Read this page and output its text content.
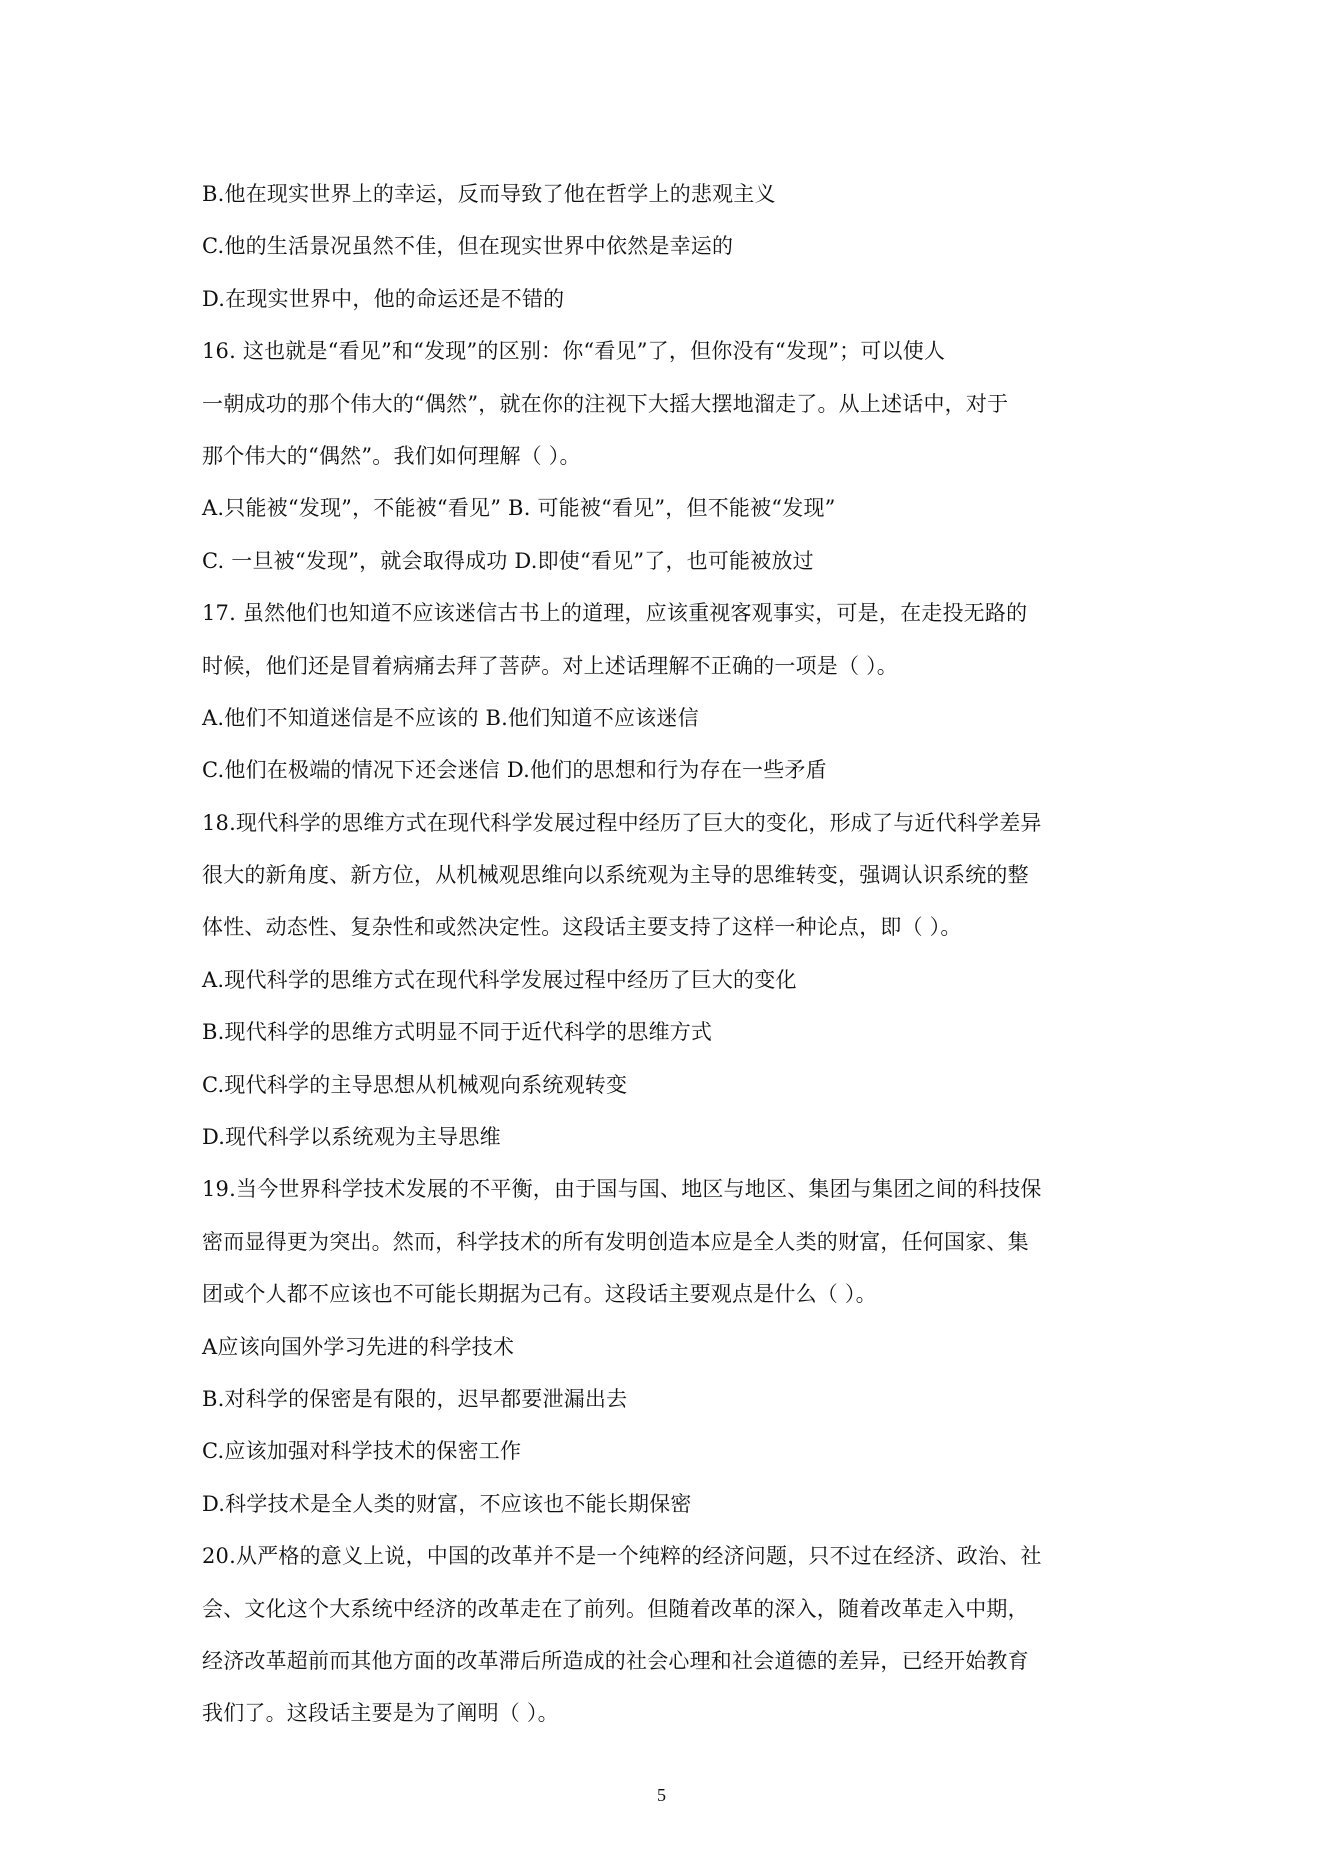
B.他在现实世界上的幸运，反而导致了他在哲学上的悲观主义
C.他的生活景况虽然不佳，但在现实世界中依然是幸运的
D.在现实世界中，他的命运还是不错的
16. 这也就是“看见”和“发现”的区别：你“看见”了，但你没有“发现”；可以使人
一朝成功的那个伟大的“偶然”，就在你的注视下大摇大摆地溜走了。从上述话中，对于
那个伟大的“偶然”。我们如何理解（ ）。
A.只能被“发现”，不能被“看见” B. 可能被“看见”，但不能被“发现”
C. 一旦被“发现”，就会取得成功 D.即使“看见”了，也可能被放过
17. 虽然他们也知道不应该迷信古书上的道理，应该重视客观事实，可是，在走投无路的
时候，他们还是冒着病痛去拜了菩萨。对上述话理解不正确的一项是（ ）。
A.他们不知道迷信是不应该的 B.他们知道不应该迷信
C.他们在极端的情况下还会迷信 D.他们的思想和行为存在一些矛盾
18.现代科学的思维方式在现代科学发展过程中经历了巨大的变化，形成了与近代科学差异
很大的新角度、新方位，从机械观思维向以系统观为主导的思维转变，强调认识系统的整
体性、动态性、复杂性和或然决定性。这段话主要支持了这样一种论点，即（ ）。
A.现代科学的思维方式在现代科学发展过程中经历了巨大的变化
B.现代科学的思维方式明显不同于近代科学的思维方式
C.现代科学的主导思想从机械观向系统观转变
D.现代科学以系统观为主导思维
19.当今世界科学技术发展的不平衡，由于国与国、地区与地区、集团与集团之间的科技保
密而显得更为突出。然而，科学技术的所有发明创造本应是全人类的财富，任何国家、集
团或个人都不应该也不可能长期据为己有。这段话主要观点是什么（ ）。
A应该向国外学习先进的科学技术
B.对科学的保密是有限的，迟早都要泄漏出去
C.应该加强对科学技术的保密工作
D.科学技术是全人类的财富，不应该也不能长期保密
20.从严格的意义上说，中国的改革并不是一个纯粹的经济问题，只不过在经济、政治、社
会、文化这个大系统中经济的改革走在了前列。但随着改革的深入，随着改革走入中期，
经济改革超前而其他方面的改革滞后所造成的社会心理和社会道德的差异，已经开始教育
我们了。这段话主要是为了阐明（ ）。
5
